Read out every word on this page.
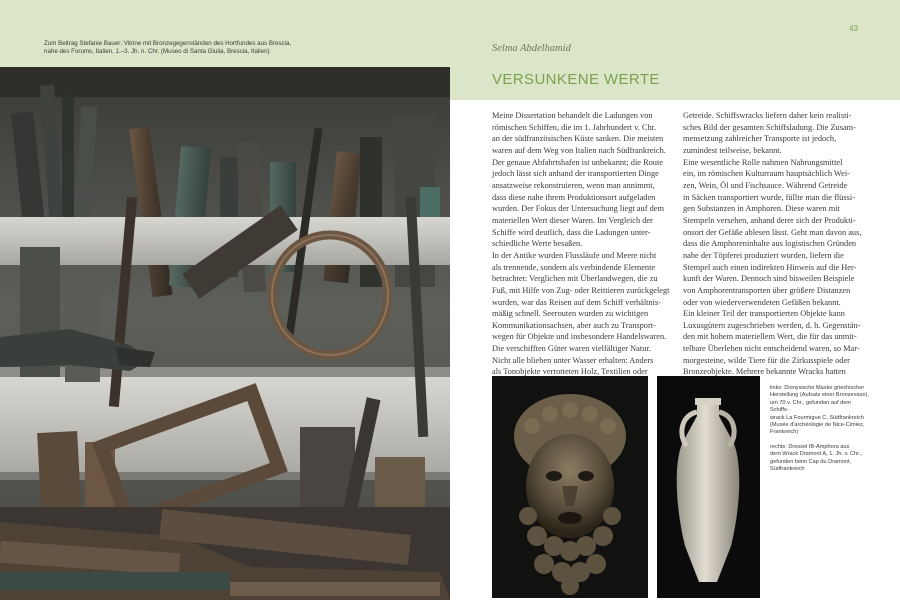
Zum Beitrag Stefanie Bauer: Vitrine mit Bronzegegenständen des Hortfundes aus Brescia,
nahe des Forums, Italien, 1.–3. Jh. n. Chr. (Museo di Santa Giulia, Brescia, Italien)
43
Selma Abdelhamid
VERSUNKENE WERTE

Meine Dissertation behandelt die Ladungen von

römischen Schiffen, die im 1. Jahrhundert v. Chr.

an der südfranzösischen Küste sanken. Die meisten

waren auf dem Weg von Italien nach Südfrankreich.

Der genaue Abfahrtshafen ist unbekannt; die Route

jedoch lässt sich anhand der transportierten Dinge

ansatzweise rekonstruieren, wenn man annimmt,

dass diese nahe ihrem Produktionsort aufgeladen

wurden. Der Fokus der Untersuchung liegt auf dem

materiellen Wert dieser Waren. Im Vergleich der

Schiffe wird deutlich, dass die Ladungen unter-

schiedliche Werte besaßen.

In der Antike wurden Flussläufe und Meere nicht

als trennende, sondern als verbindende Elemente

betrachtet: Verglichen mit Überlandwegen, die zu

Fuß, mit Hilfe von Zug- oder Reittieren zurückgelegt

wurden, war das Reisen auf dem Schiff verhältnis-

mäßig schnell. Seerouten wurden zu wichtigen

Kommunikationsachsen, aber auch zu Transport-

wegen für Objekte und insbesondere Handelswaren.

Die verschifften Güter waren vielfältiger Natur.

Nicht alle blieben unter Wasser erhalten: Anders

als Tonobjekte verrotteten Holz, Textilien oder

Getreide. Schiffswracks liefern daher kein realisti-

sches Bild der gesamten Schiffsladung. Die Zusam-

mensetzung zahlreicher Transporte ist jedoch,

zumindest teilweise, bekannt.

Eine wesentliche Rolle nahmen Nahrungsmittel

ein, im römischen Kulturraum hauptsächlich Wei-

zen, Wein, Öl und Fischsauce. Während Getreide

in Säcken transportiert wurde, füllte man die flüssi-

gen Substanzen in Amphoren. Diese waren mit

Stempeln versehen, anhand derer sich der Produkti-

onsort der Gefäße ablesen lässt. Geht man davon aus,

dass die Amphoreninhalte aus logistischen Gründen

nahe der Töpferei produziert wurden, liefern die

Stempel auch einen indirekten Hinweis auf die Her-

kunft der Waren. Dennoch sind bisweilen Beispiele

von Amphorentransporten über größere Distanzen

oder von wiederverwendeten Gefäßen bekannt.

Ein kleiner Teil der transportierten Objekte kann

Luxusgütern zugeschrieben werden, d. h. Gegenstän-

den mit hohem materiellem Wert, die für das unmit-

telbare Überleben nicht entscheidend waren, so Mar-

morgesteine, wilde Tiere für die Zirkusspiele oder

Bronzeobjekte. Mehrere bekannte Wracks hatten

links: Dionysische Maske griechischer
Herstellung (Aufsatz einer Bronzevase),
um 70 v. Chr., gefunden auf dem Schiffs-
wrack La Fourmigue C, Südfrankreich
(Musée d'archéologie de Nice-Cimiez,
Frankreich)

rechts: Dressel IB-Amphora aus
dem Wrack Dramont A, 1. Jh. v. Chr.,
gefunden beim Cap du Dramont,
Südfrankreich
